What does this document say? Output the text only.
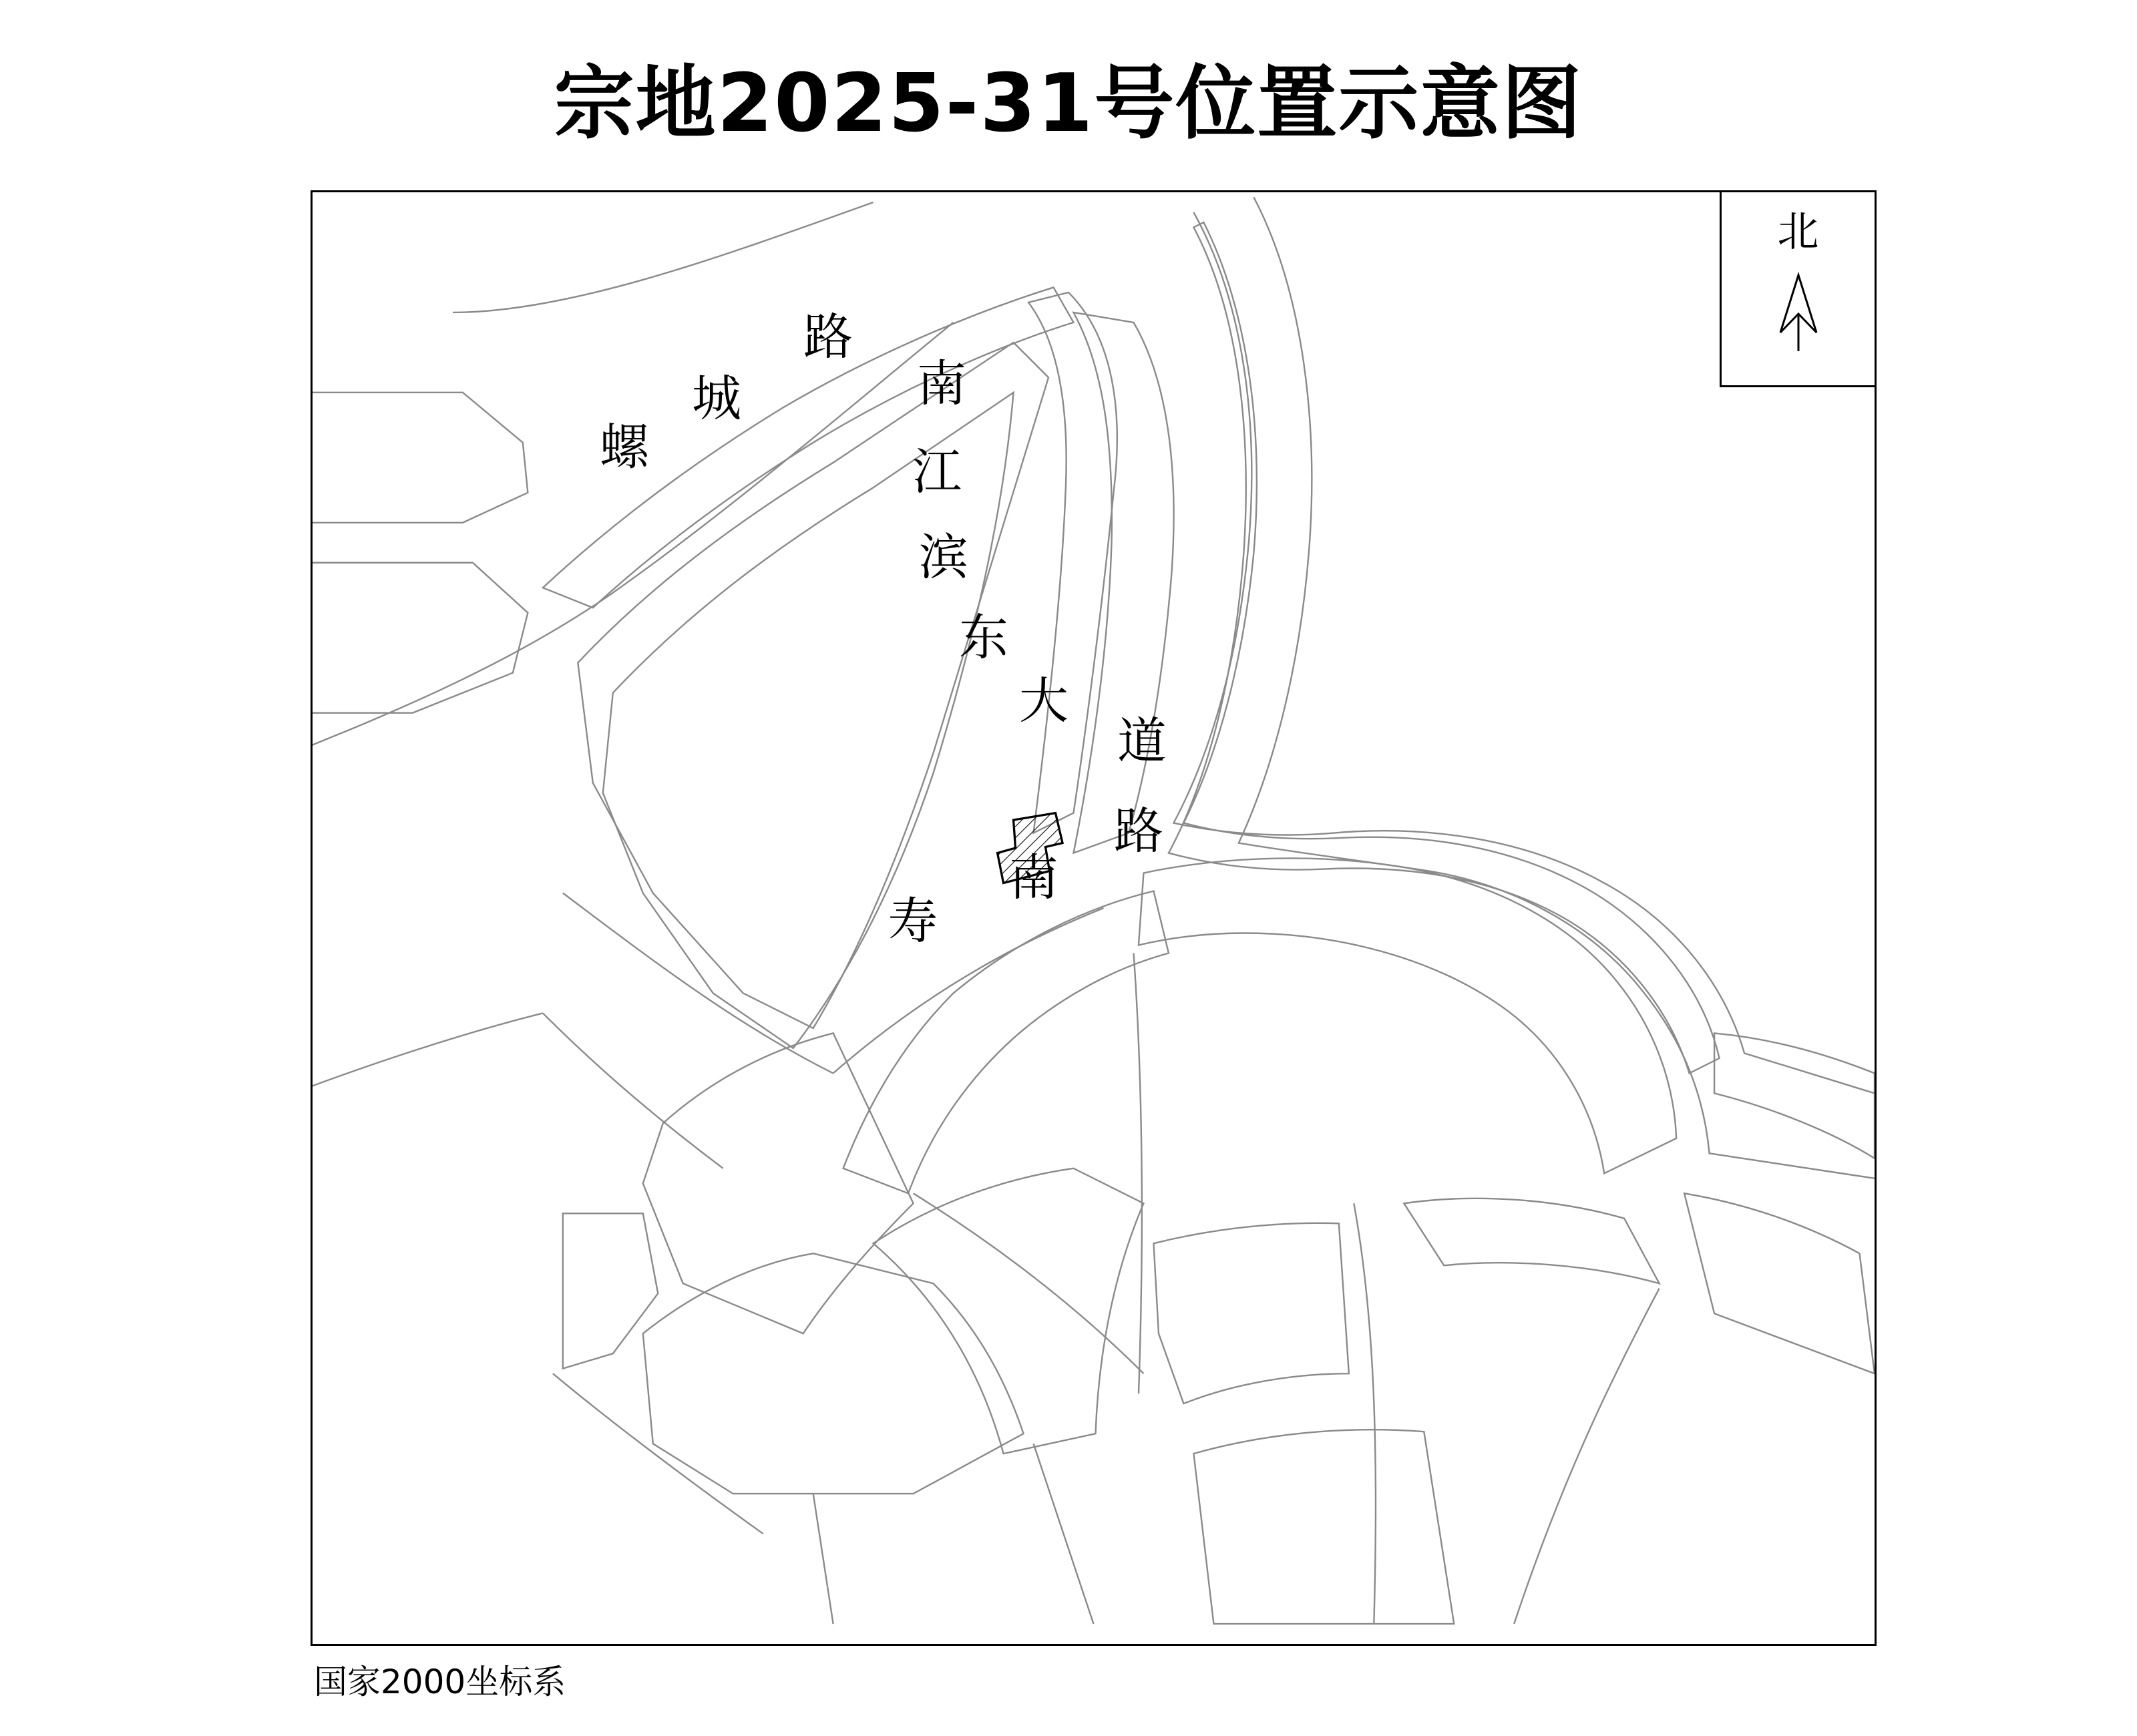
宗地2025-31号位置示意图
北
螺
城
路
南
江
滨
东
大
道
路
南
寿
国家2000坐标系
